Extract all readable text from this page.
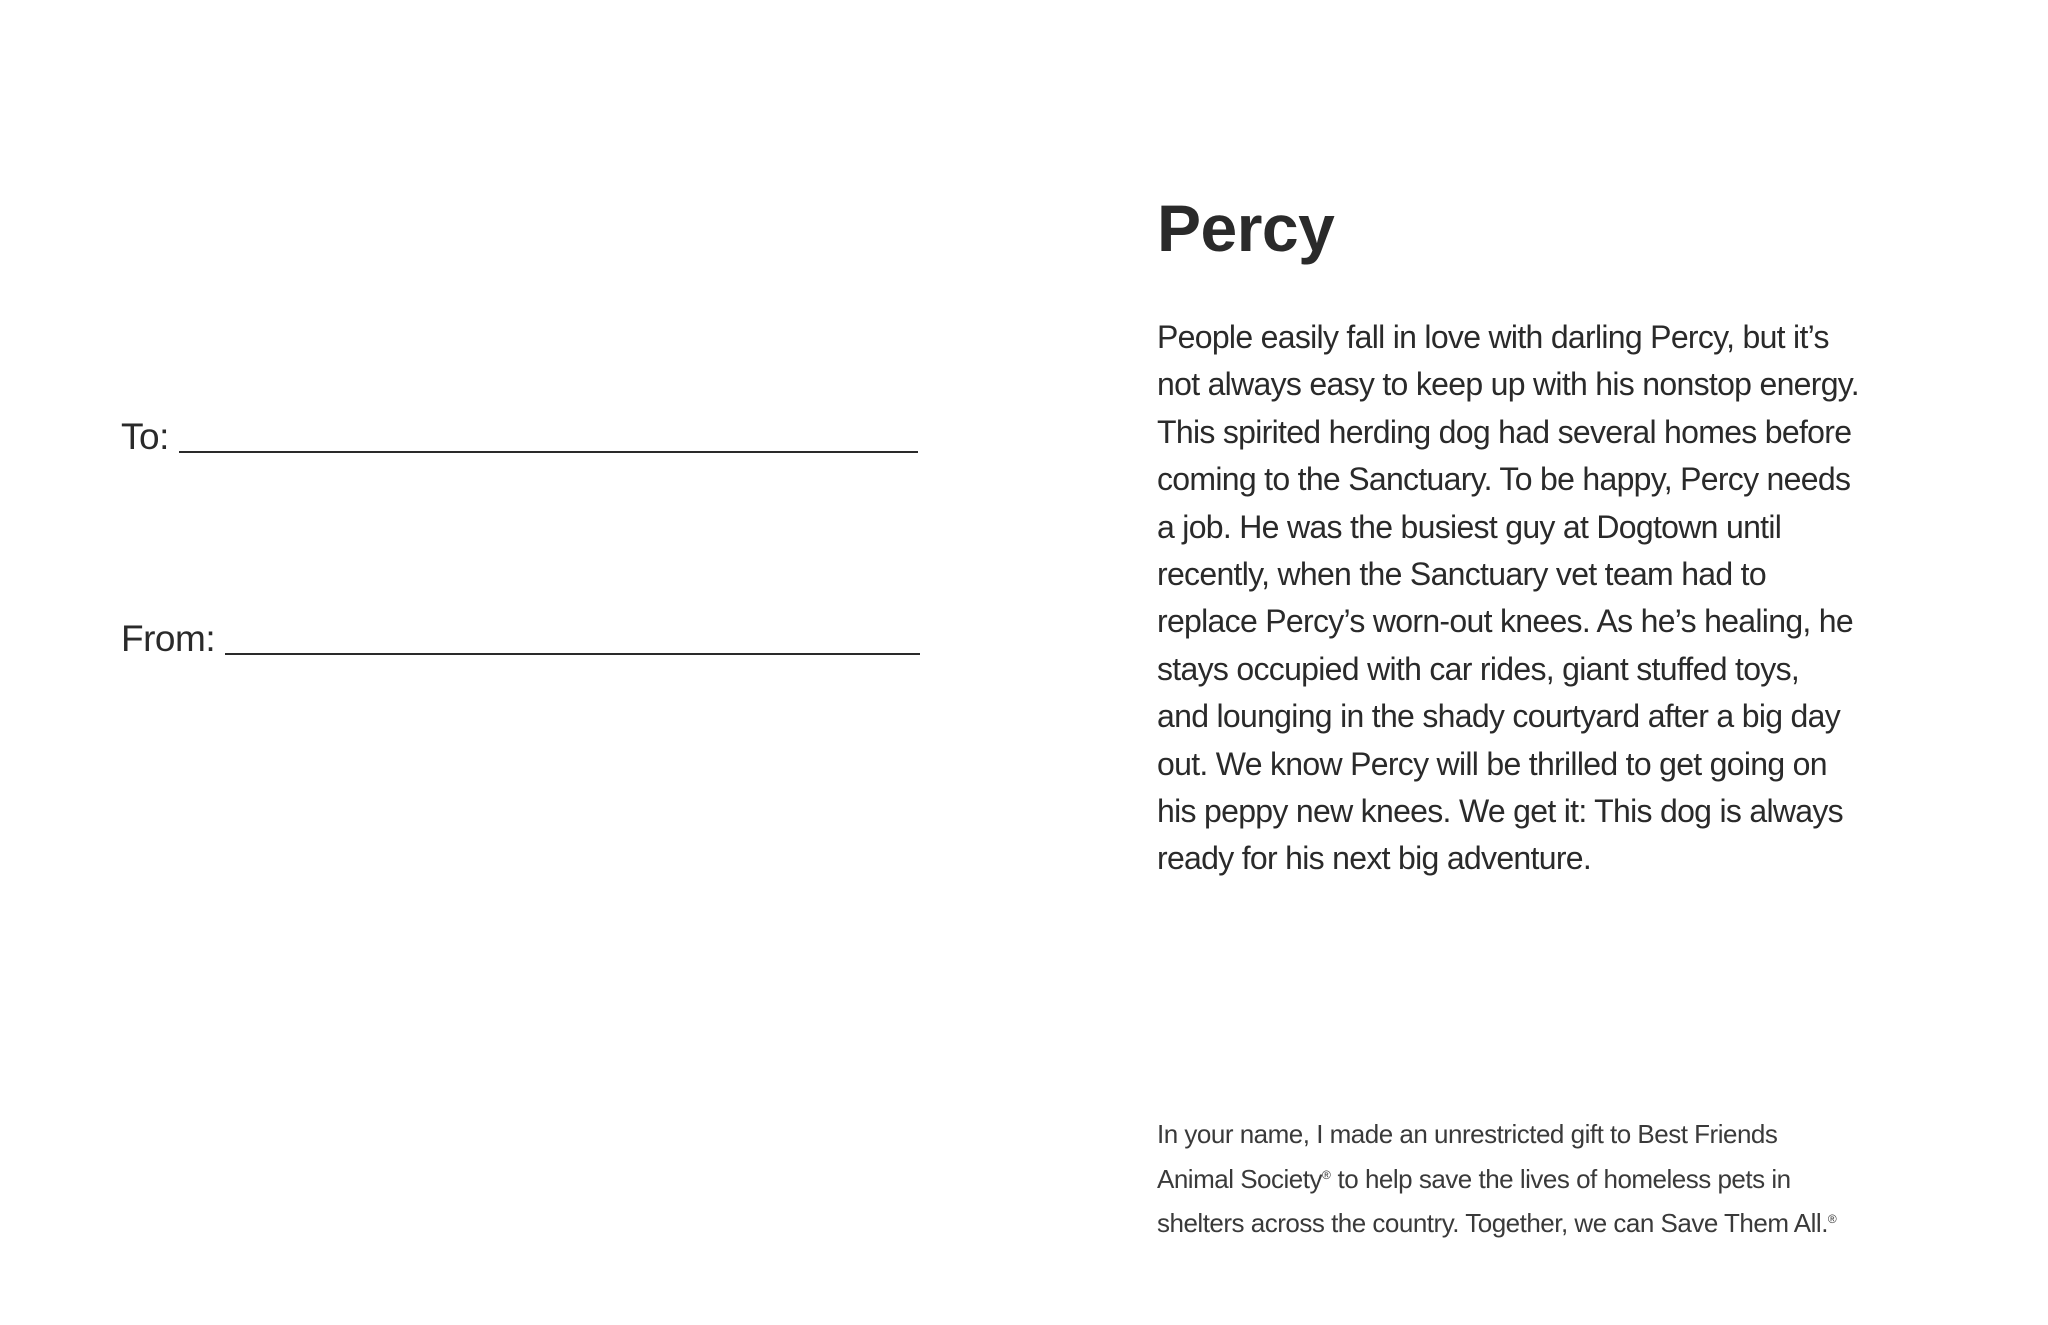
To:
From:
Percy

People easily fall in love with darling Percy, but it’s
not always easy to keep up with his nonstop energy.
This spirited herding dog had several homes before
coming to the Sanctuary. To be happy, Percy needs
a job. He was the busiest guy at Dogtown until
recently, when the Sanctuary vet team had to
replace Percy’s worn-out knees. As he’s healing, he
stays occupied with car rides, giant stuffed toys,
and lounging in the shady courtyard after a big day
out. We know Percy will be thrilled to get going on
his peppy new knees. We get it: This dog is always
ready for his next big adventure.

In your name, I made an unrestricted gift to Best Friends
Animal Society® to help save the lives of homeless pets in
shelters across the country. Together, we can Save Them All.®
